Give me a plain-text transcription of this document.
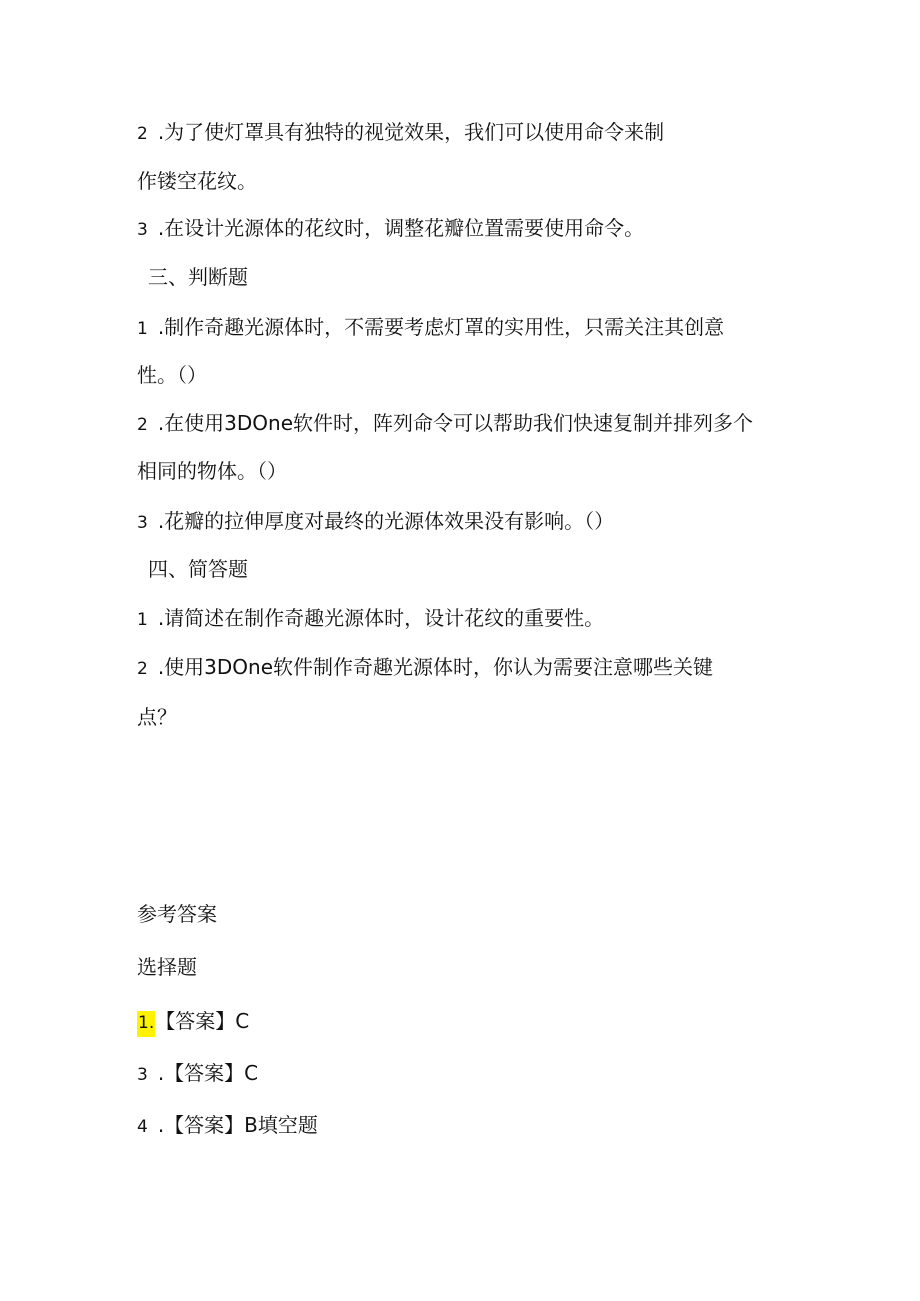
2 .为了使灯罩具有独特的视觉效果，我们可以使用命令来制
作镂空花纹。
3 .在设计光源体的花纹时，调整花瓣位置需要使用命令。
三、判断题
1 .制作奇趣光源体时，不需要考虑灯罩的实用性，只需关注其创意
性。（）
2 .在使用3DOne软件时，阵列命令可以帮助我们快速复制并排列多个
相同的物体。（）
3 .花瓣的拉伸厚度对最终的光源体效果没有影响。（）
四、简答题
1 .请简述在制作奇趣光源体时，设计花纹的重要性。
2 .使用3DOne软件制作奇趣光源体时，你认为需要注意哪些关键
点？
参考答案
选择题
1.【答案】C
3 .【答案】C
4 .【答案】B填空题
